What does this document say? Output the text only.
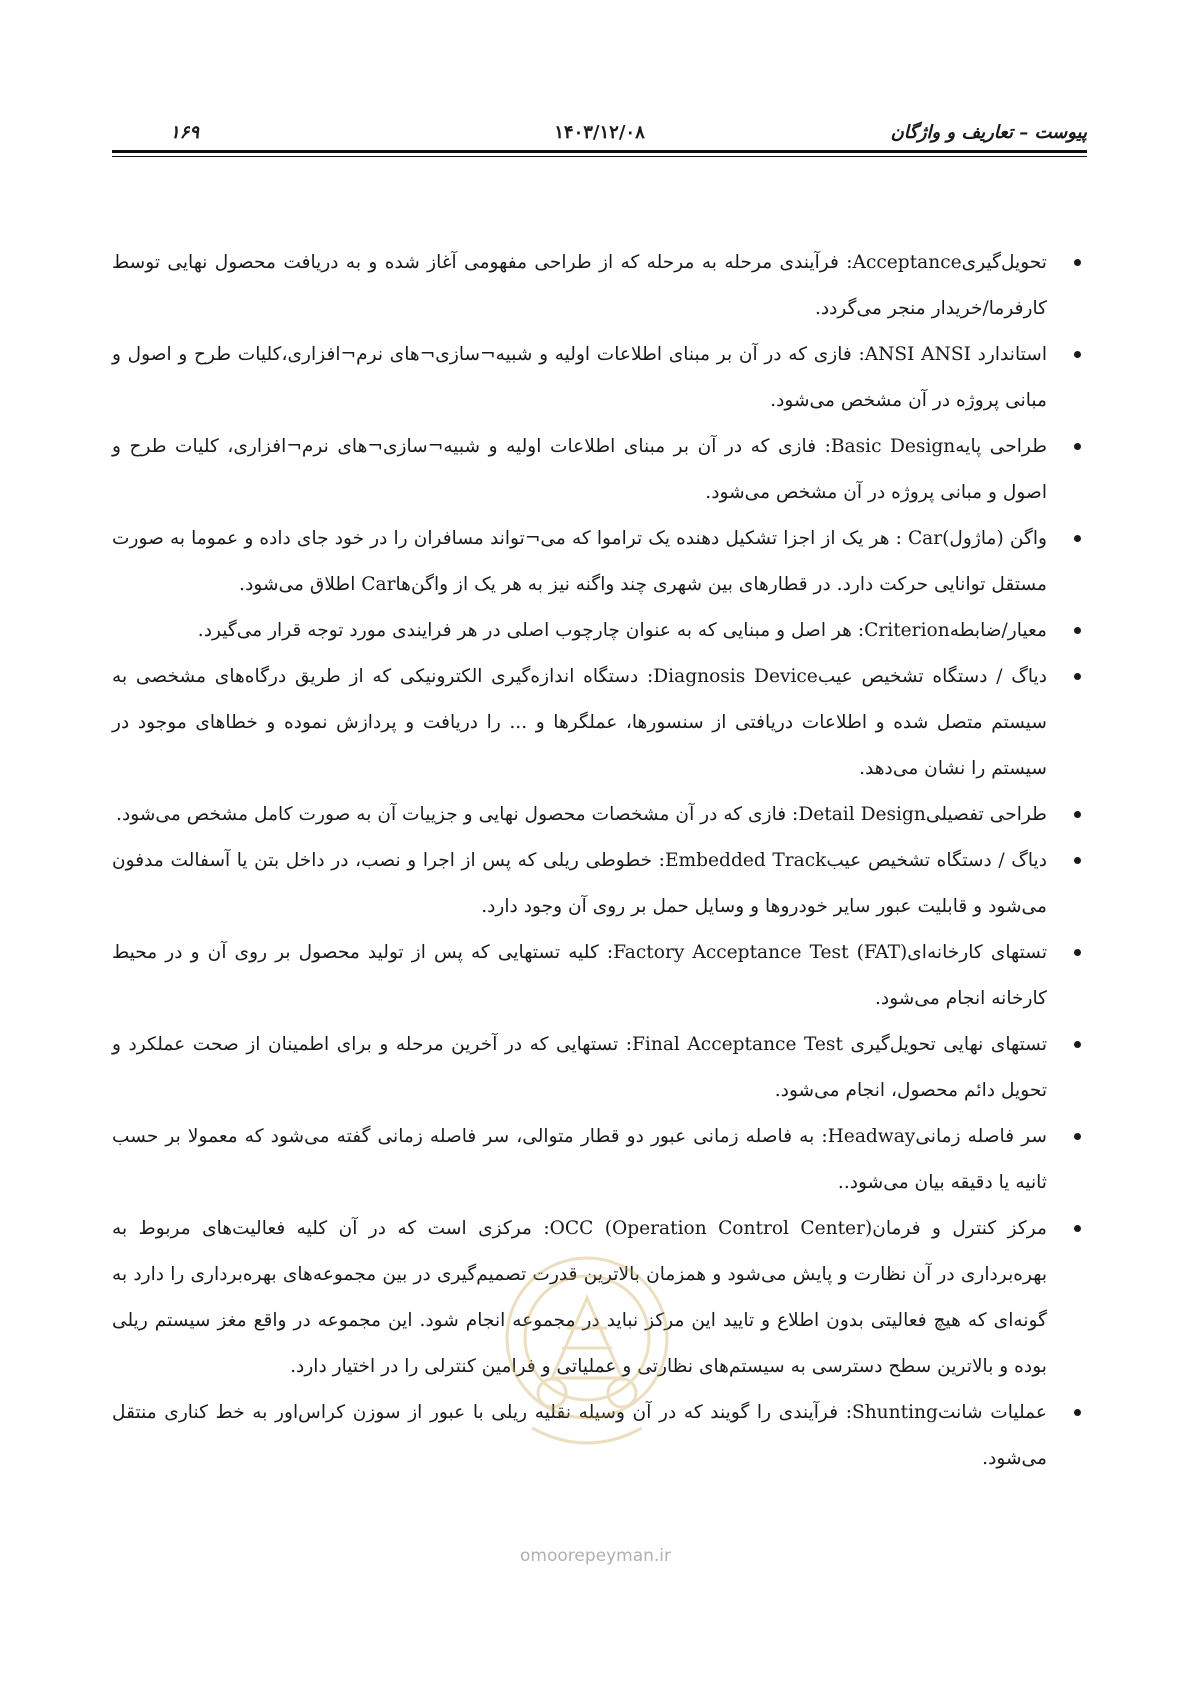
پیوست – تعاریف و واژگان
۱۴۰۳/۱۲/۰۸
۱۶۹
تحویل‌گیریAcceptance: فرآیندی مرحله به مرحله که از طراحی مفهومی آغاز شده و به دریافت محصول نهایی توسط کارفرما/خریدار منجر می‌گردد.
استاندارد ANSI ANSI: فازی که در آن بر مبنای اطلاعات اولیه و شبیه¬سازی¬های نرم¬افزاری،کلیات طرح و اصول و مبانی پروژه در آن مشخص می‌شود.
طراحی پایهBasic Design: فازی که در آن بر مبنای اطلاعات اولیه و شبیه¬سازی¬های نرم¬افزاری، کلیات طرح و اصول و مبانی پروژه در آن مشخص می‌شود.
واگن (ماژول)Car : هر یک از اجزا تشکیل دهنده یک تراموا که می¬تواند مسافران را در خود جای داده و عموما به صورت مستقل توانایی حرکت دارد. در قطارهای بین شهری چند واگنه نیز به هر یک از واگن‌هاCar اطلاق می‌شود.
معیار/ضابطهCriterion: هر اصل و مبنایی که به عنوان چارچوب اصلی در هر فرایندی مورد توجه قرار می‌گیرد.
دیاگ / دستگاه تشخیص عیبDiagnosis Device: دستگاه اندازه‌گیری الکترونیکی که از طریق درگاه‌های مشخصی به سیستم متصل شده و اطلاعات دریافتی از سنسورها، عملگرها و ... را دریافت و پردازش نموده و خطاهای موجود در سیستم را نشان می‌دهد.
طراحی تفصیلیDetail Design: فازی که در آن مشخصات محصول نهایی و جزییات آن به صورت کامل مشخص می‌شود.
دیاگ / دستگاه تشخیص عیبEmbedded Track: خطوطی ریلی که پس از اجرا و نصب، در داخل بتن یا آسفالت مدفون می‌شود و قابلیت عبور سایر خودروها و وسایل حمل بر روی آن وجود دارد.
تستهای کارخانه‌ای(Factory Acceptance Test (FAT: کلیه تستهایی که پس از تولید محصول بر روی آن و در محیط کارخانه انجام می‌شود.
تستهای نهایی تحویل‌گیری Final Acceptance Test: تستهایی که در آخرین مرحله و برای اطمینان از صحت عملکرد و تحویل دائم محصول، انجام می‌شود.
سر فاصله زمانیHeadway: به فاصله زمانی عبور دو قطار متوالی، سر فاصله زمانی گفته می‌شود که معمولا بر حسب ثانیه یا دقیقه بیان می‌شود..
مرکز کنترل و فرمان(OCC (Operation Control Center: مرکزی است که در آن کلیه فعالیت‌های مربوط به بهره‌برداری در آن نظارت و پایش می‌شود و همزمان بالاترین قدرت تصمیم‌گیری در بین مجموعه‌های بهره‌برداری را دارد به گونه‌ای که هیچ فعالیتی بدون اطلاع و تایید این مرکز نباید در مجموعه انجام شود. این مجموعه در واقع مغز سیستم ریلی بوده و بالاترین سطح دسترسی به سیستم‌های نظارتی و عملیاتی و فرامین کنترلی را در اختیار دارد.
عملیات شانتShunting: فرآیندی را گویند که در آن وسیله نقلیه ریلی با عبور از سوزن کراس‌اور به خط کناری منتقل می‌شود.
omoorepeyman.ir
